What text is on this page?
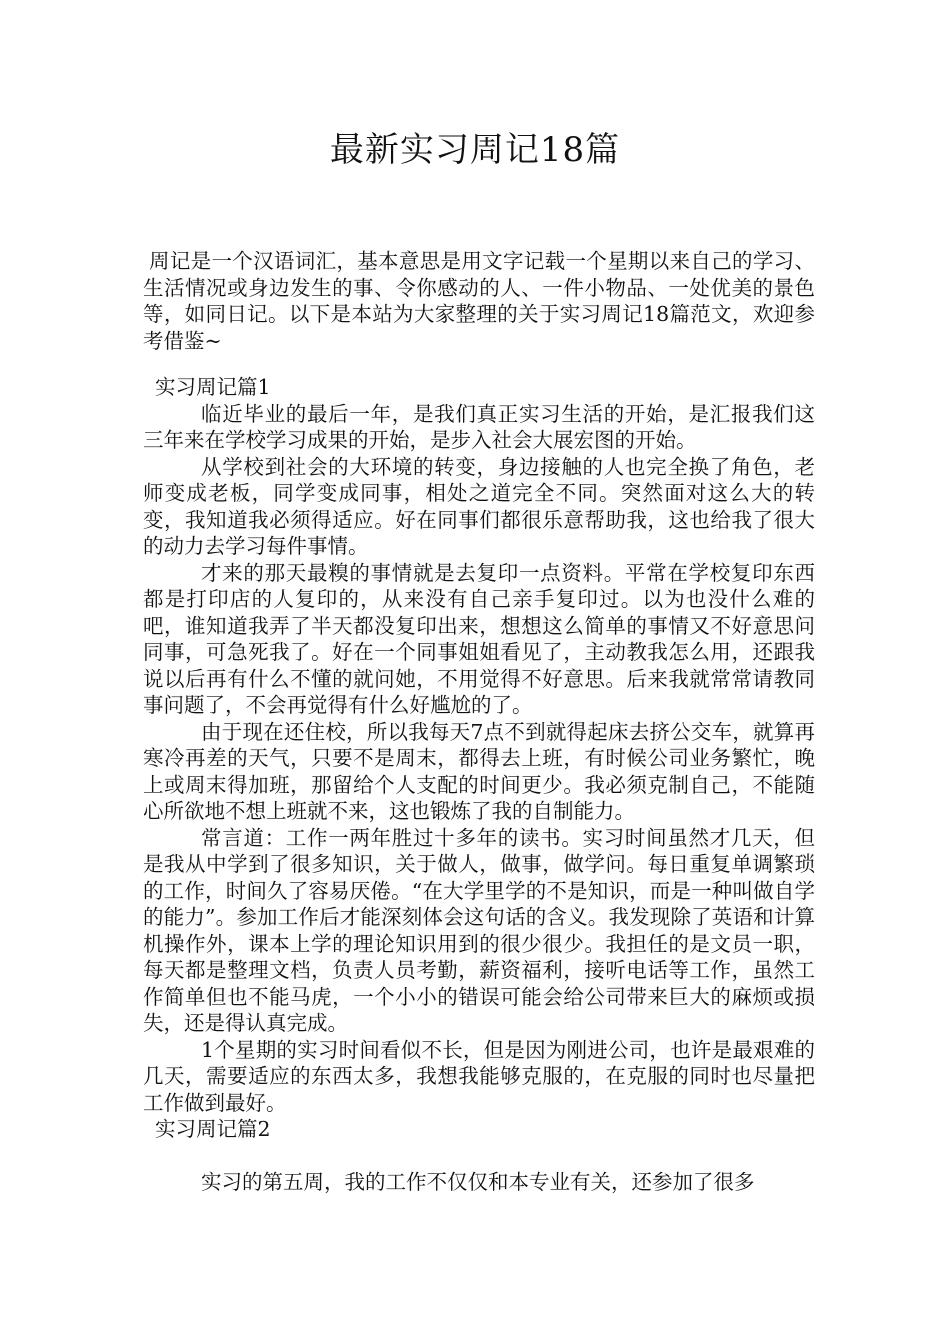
最新实习周记18篇

周记是一个汉语词汇，基本意思是用文字记载一个星期以来自己的学习、生活情况或身边发生的事、令你感动的人、一件小物品、一处优美的景色等，如同日记。以下是本站为大家整理的关于实习周记18篇范文，欢迎参考借鉴~

实习周记篇1

临近毕业的最后一年，是我们真正实习生活的开始，是汇报我们这三年来在学校学习成果的开始，是步入社会大展宏图的开始。

从学校到社会的大环境的转变，身边接触的人也完全换了角色，老师变成老板，同学变成同事，相处之道完全不同。突然面对这么大的转变，我知道我必须得适应。好在同事们都很乐意帮助我，这也给我了很大的动力去学习每件事情。

才来的那天最糗的事情就是去复印一点资料。平常在学校复印东西都是打印店的人复印的，从来没有自己亲手复印过。以为也没什么难的吧，谁知道我弄了半天都没复印出来，想想这么简单的事情又不好意思问同事，可急死我了。好在一个同事姐姐看见了，主动教我怎么用，还跟我说以后再有什么不懂的就问她，不用觉得不好意思。后来我就常常请教同事问题了，不会再觉得有什么好尴尬的了。

由于现在还住校，所以我每天7点不到就得起床去挤公交车，就算再寒冷再差的天气，只要不是周末，都得去上班，有时候公司业务繁忙，晚上或周末得加班，那留给个人支配的时间更少。我必须克制自己，不能随心所欲地不想上班就不来，这也锻炼了我的自制能力。

常言道：工作一两年胜过十多年的读书。实习时间虽然才几天，但是我从中学到了很多知识，关于做人，做事，做学问。每日重复单调繁琐的工作，时间久了容易厌倦。“在大学里学的不是知识，而是一种叫做自学的能力”。参加工作后才能深刻体会这句话的含义。我发现除了英语和计算机操作外，课本上学的理论知识用到的很少很少。我担任的是文员一职，每天都是整理文档，负责人员考勤，薪资福利，接听电话等工作，虽然工作简单但也不能马虎，一个小小的错误可能会给公司带来巨大的麻烦或损失，还是得认真完成。

1个星期的实习时间看似不长，但是因为刚进公司，也许是最艰难的几天，需要适应的东西太多，我想我能够克服的，在克服的同时也尽量把工作做到最好。

实习周记篇2

实习的第五周，我的工作不仅仅和本专业有关，还参加了很多
